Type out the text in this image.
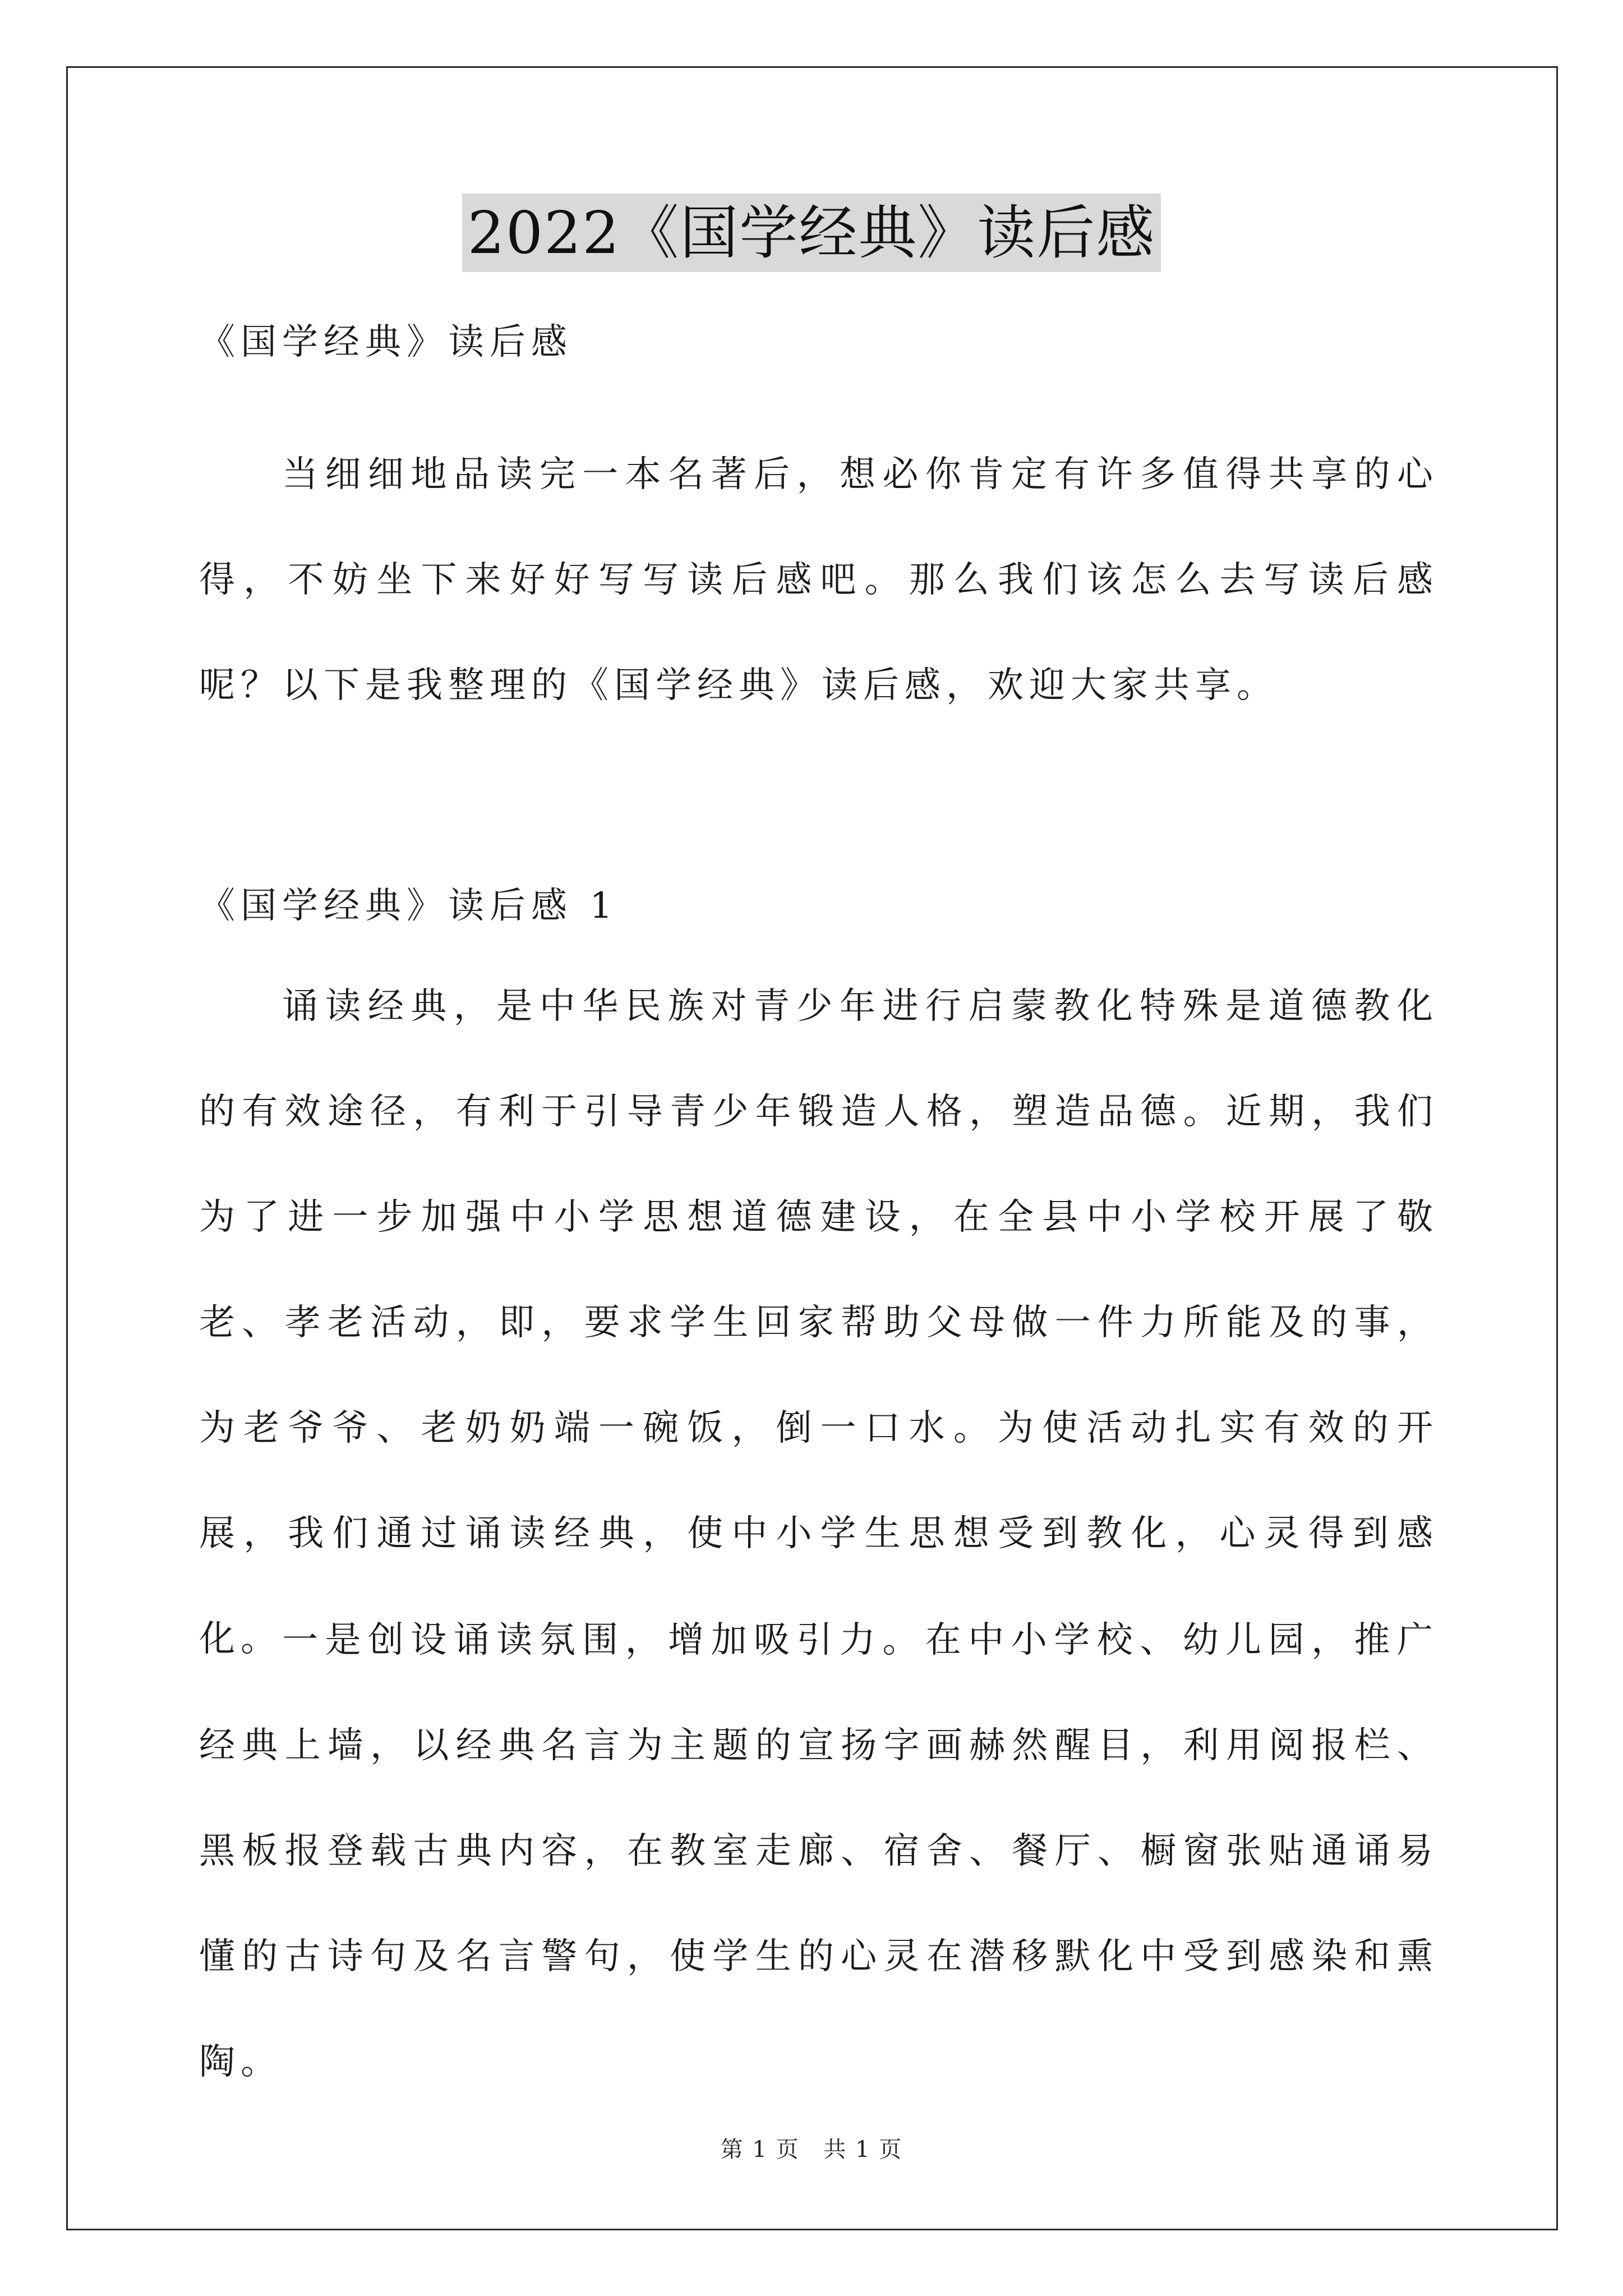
2022《国学经典》读后感
《国学经典》读后感
当细细地品读完一本名著后，想必你肯定有许多值得共享的心得，不妨坐下来好好写写读后感吧。那么我们该怎么去写读后感呢？以下是我整理的《国学经典》读后感，欢迎大家共享。
《国学经典》读后感 1
诵读经典，是中华民族对青少年进行启蒙教化特殊是道德教化的有效途径，有利于引导青少年锻造人格，塑造品德。近期，我们为了进一步加强中小学思想道德建设，在全县中小学校开展了敬老、孝老活动，即，要求学生回家帮助父母做一件力所能及的事，为老爷爷、老奶奶端一碗饭，倒一口水。为使活动扎实有效的开展，我们通过诵读经典，使中小学生思想受到教化，心灵得到感化。 一是创设诵读氛围，增加吸引力。在中小学校、幼儿园，推广经典上墙，以经典名言为主题的宣扬字画赫然醒目，利用阅报栏、黑板报登载古典内容，在教室走廊、宿舍、餐厅、橱窗张贴通诵易懂的古诗句及名言警句，使学生的心灵在潜移默化中受到感染和熏陶。
第 1 页 共 1 页
